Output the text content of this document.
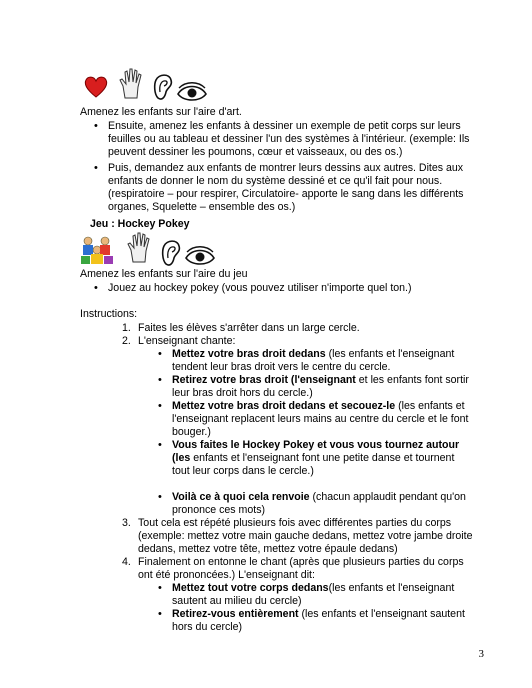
Amenez les enfants sur l'aire d'art.

• Ensuite, amenez les enfants à dessiner un exemple de petit corps sur leurs feuilles ou au tableau et dessiner l'un des systèmes à l'intérieur. (exemple: Ils peuvent dessiner les poumons, cœur et vaisseaux, ou des os.)
• Puis, demandez aux enfants de montrer leurs dessins aux autres. Dites aux enfants de donner le nom du système dessiné et ce qu'il fait pour nous. (respiratoire – pour respirer, Circulatoire- apporte le sang dans les différents organes, Squelette – ensemble des os.)

Jeu : Hockey Pokey

Amenez les enfants sur l'aire du jeu

• Jouez au hockey pokey (vous pouvez utiliser n'importe quel ton.)

Instructions:

1. Faites les élèves s'arrêter dans un large cercle.
2. L'enseignant chante:
• Mettez votre bras droit dedans (les enfants et l'enseignant tendent leur bras droit vers le centre du cercle.
• Retirez votre bras droit (l'enseignant et les enfants font sortir leur bras droit hors du cercle.)
• Mettez votre bras droit dedans et secouez-le (les enfants et l'enseignant replacent leurs mains au centre du cercle et le font bouger.)
• Vous faites le Hockey Pokey et vous vous tournez autour (les enfants et l'enseignant font une petite danse et tournent tout leur corps dans le cercle.)
• Voilà ce à quoi cela renvoie (chacun applaudit pendant qu'on prononce ces mots)
3. Tout cela est répété plusieurs fois avec différentes parties du corps (exemple: mettez votre main gauche dedans, mettez votre jambe droite dedans, mettez votre tête, mettez votre épaule dedans)
4. Finalement on entonne le chant (après que plusieurs parties du corps ont été prononcées.) L'enseignant dit:
• Mettez tout votre corps dedans(les enfants et l'enseignant sautent au milieu du cercle)
• Retirez-vous entièrement (les enfants et l'enseignant sautent hors du cercle)
3
